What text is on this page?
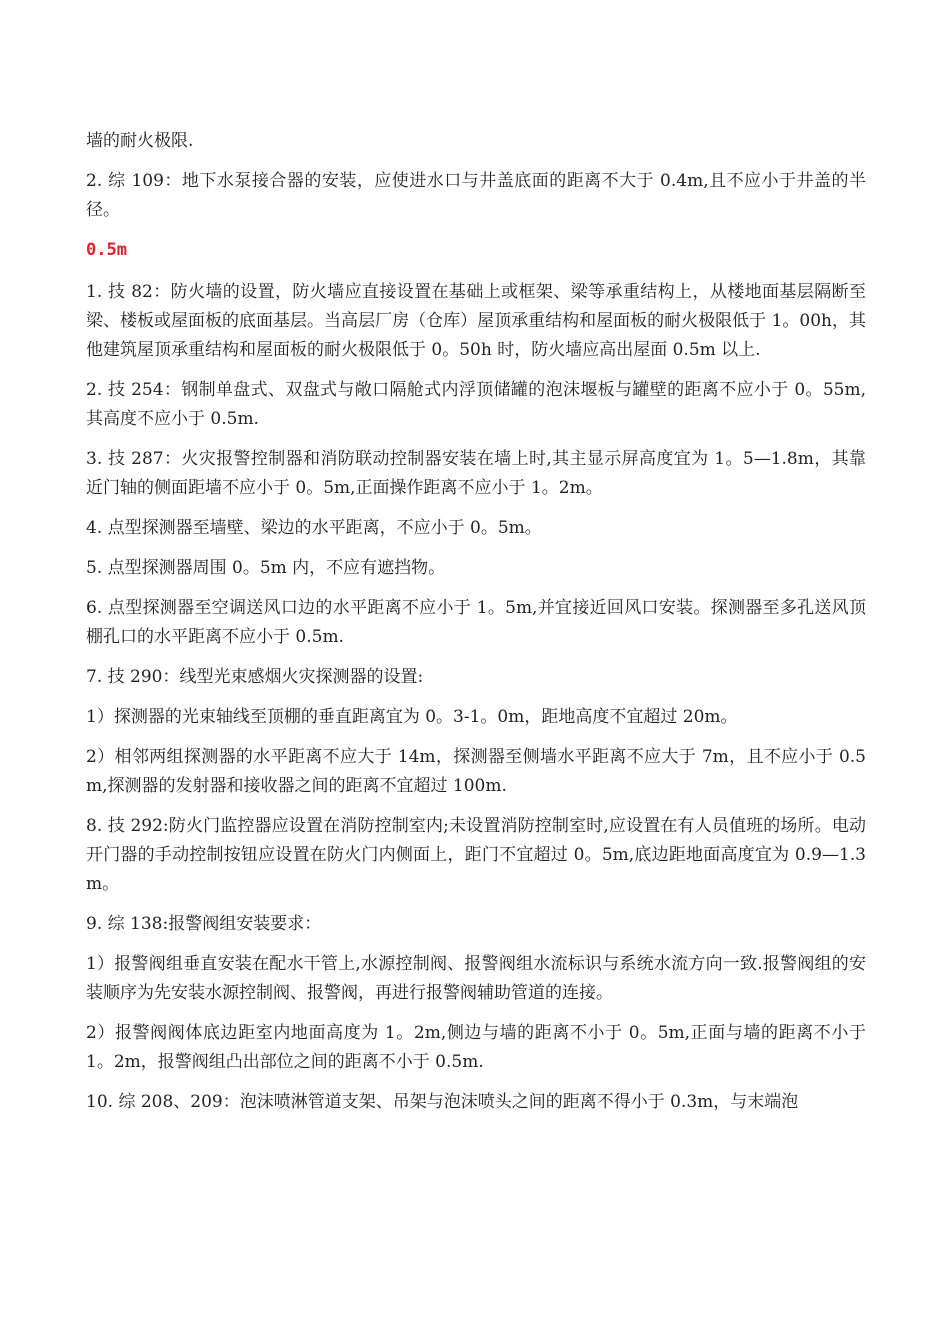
墙的耐火极限.

2. 综 109：地下水泵接合器的安装，应使进水口与井盖底面的距离不大于 0.4m,且不应小于井盖的半径。

0.5m

1. 技 82：防火墙的设置，防火墙应直接设置在基础上或框架、梁等承重结构上，从楼地面基层隔断至梁、楼板或屋面板的底面基层。当高层厂房（仓库）屋顶承重结构和屋面板的耐火极限低于 1。00h，其他建筑屋顶承重结构和屋面板的耐火极限低于 0。50h 时，防火墙应高出屋面 0.5m 以上.

2. 技 254：钢制单盘式、双盘式与敞口隔舱式内浮顶储罐的泡沫堰板与罐壁的距离不应小于 0。55m,其高度不应小于 0.5m.

3. 技 287：火灾报警控制器和消防联动控制器安装在墙上时,其主显示屏高度宜为 1。5—1.8m，其靠近门轴的侧面距墙不应小于 0。5m,正面操作距离不应小于 1。2m。

4. 点型探测器至墙壁、梁边的水平距离，不应小于 0。5m。

5. 点型探测器周围 0。5m 内，不应有遮挡物。

6. 点型探测器至空调送风口边的水平距离不应小于 1。5m,并宜接近回风口安装。探测器至多孔送风顶棚孔口的水平距离不应小于 0.5m.

7. 技 290：线型光束感烟火灾探测器的设置:

1）探测器的光束轴线至顶棚的垂直距离宜为 0。3-1。0m，距地高度不宜超过 20m。

2）相邻两组探测器的水平距离不应大于 14m，探测器至侧墙水平距离不应大于 7m，且不应小于 0.5m,探测器的发射器和接收器之间的距离不宜超过 100m.

8. 技 292:防火门监控器应设置在消防控制室内;未设置消防控制室时,应设置在有人员值班的场所。电动开门器的手动控制按钮应设置在防火门内侧面上，距门不宜超过 0。5m,底边距地面高度宜为 0.9—1.3m。

9. 综 138:报警阀组安装要求：

1）报警阀组垂直安装在配水干管上,水源控制阀、报警阀组水流标识与系统水流方向一致.报警阀组的安装顺序为先安装水源控制阀、报警阀，再进行报警阀辅助管道的连接。

2）报警阀阀体底边距室内地面高度为 1。2m,侧边与墙的距离不小于 0。5m,正面与墙的距离不小于 1。2m，报警阀组凸出部位之间的距离不小于 0.5m.

10. 综 208、209：泡沫喷淋管道支架、吊架与泡沫喷头之间的距离不得小于 0.3m，与末端泡
